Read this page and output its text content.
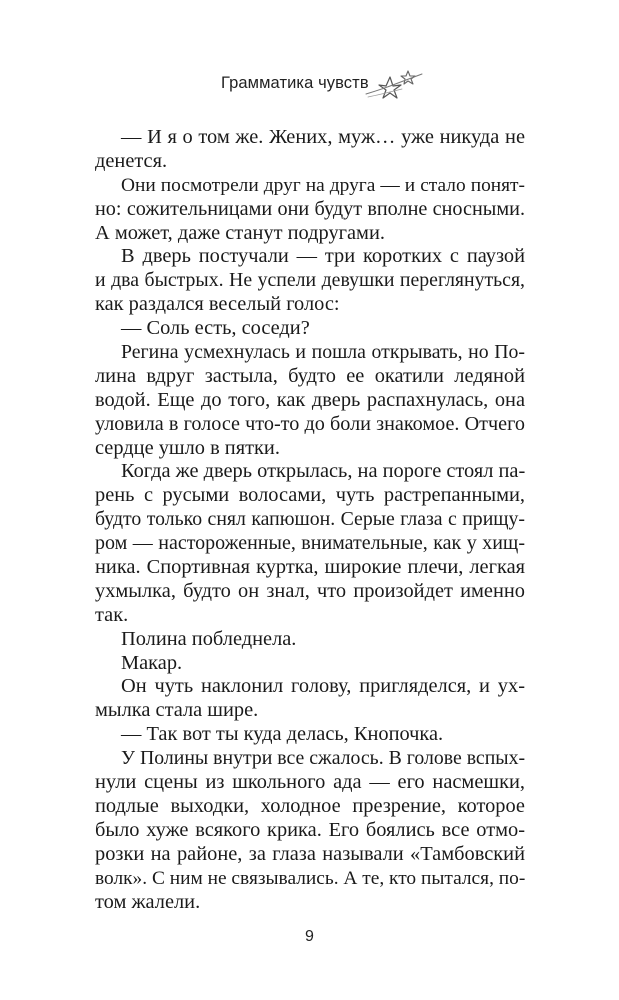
Грамматика чувств
— И я о том же. Жених, муж… уже никуда не
денется.
Они посмотрели друг на друга — и стало понят-
но: сожительницами они будут вполне сносными.
А может, даже станут подругами.
В дверь постучали — три коротких с паузой
и два быстрых. Не успели девушки переглянуться,
как раздался веселый голос:
— Соль есть, соседи?
Регина усмехнулась и пошла открывать, но По-
лина вдруг застыла, будто ее окатили ледяной
водой. Еще до того, как дверь распахнулась, она
уловила в голосе что-то до боли знакомое. Отчего
сердце ушло в пятки.
Когда же дверь открылась, на пороге стоял па-
рень с русыми волосами, чуть растрепанными,
будто только снял капюшон. Серые глаза с прищу-
ром — настороженные, внимательные, как у хищ-
ника. Спортивная куртка, широкие плечи, легкая
ухмылка, будто он знал, что произойдет именно
так.
Полина побледнела.
Макар.
Он чуть наклонил голову, пригляделся, и ух-
мылка стала шире.
— Так вот ты куда делась, Кнопочка.
У Полины внутри все сжалось. В голове вспых-
нули сцены из школьного ада — его насмешки,
подлые выходки, холодное презрение, которое
было хуже всякого крика. Его боялись все отмо-
розки на районе, за глаза называли «Тамбовский
волк». С ним не связывались. А те, кто пытался, по-
том жалели.
9
